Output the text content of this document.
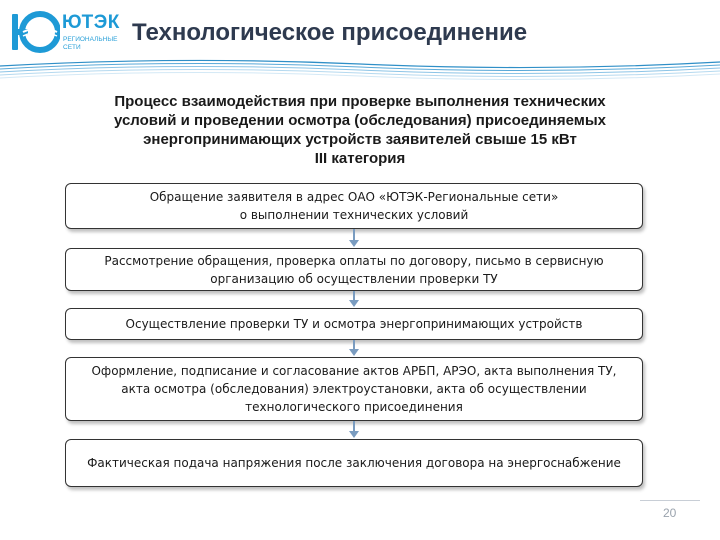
ЮТЭК
РЕГИОНАЛЬНЫЕ
СЕТИ
Технологическое присоединение
Процесс взаимодействия при проверке выполнения технических
условий и проведении осмотра (обследования) присоединяемых
энергопринимающих устройств заявителей свыше 15 кВт
III категория
Обращение заявителя в адрес ОАО «ЮТЭК-Региональные сети»
о выполнении технических условий
Рассмотрение обращения, проверка оплаты по договору, письмо в сервисную
организацию об осуществлении проверки ТУ
Осуществление проверки ТУ и осмотра энергопринимающих устройств
Оформление, подписание и согласование актов АРБП, АРЭО, акта выполнения ТУ,
акта осмотра (обследования) электроустановки, акта об осуществлении
технологического присоединения
Фактическая подача напряжения после заключения договора на энергоснабжение
20
